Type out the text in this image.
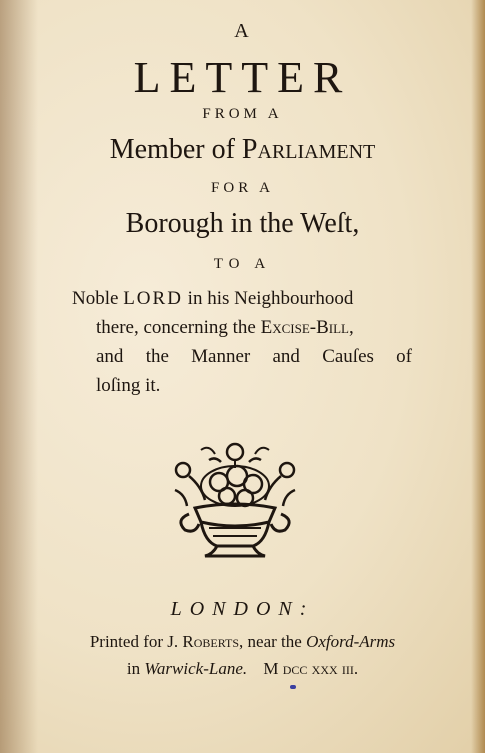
A
LETTER
FROM A
Member of Parliament
FOR A
Borough in the Weſt,
TO A
Noble LORD in his Neighbourhood
there, concerning the Excise-Bill,
and the Manner and Cauſes of
loſing it.
LONDON:
Printed for J. Roberts, near the Oxford-Arms
in Warwick-Lane. M dcc xxx iii.
